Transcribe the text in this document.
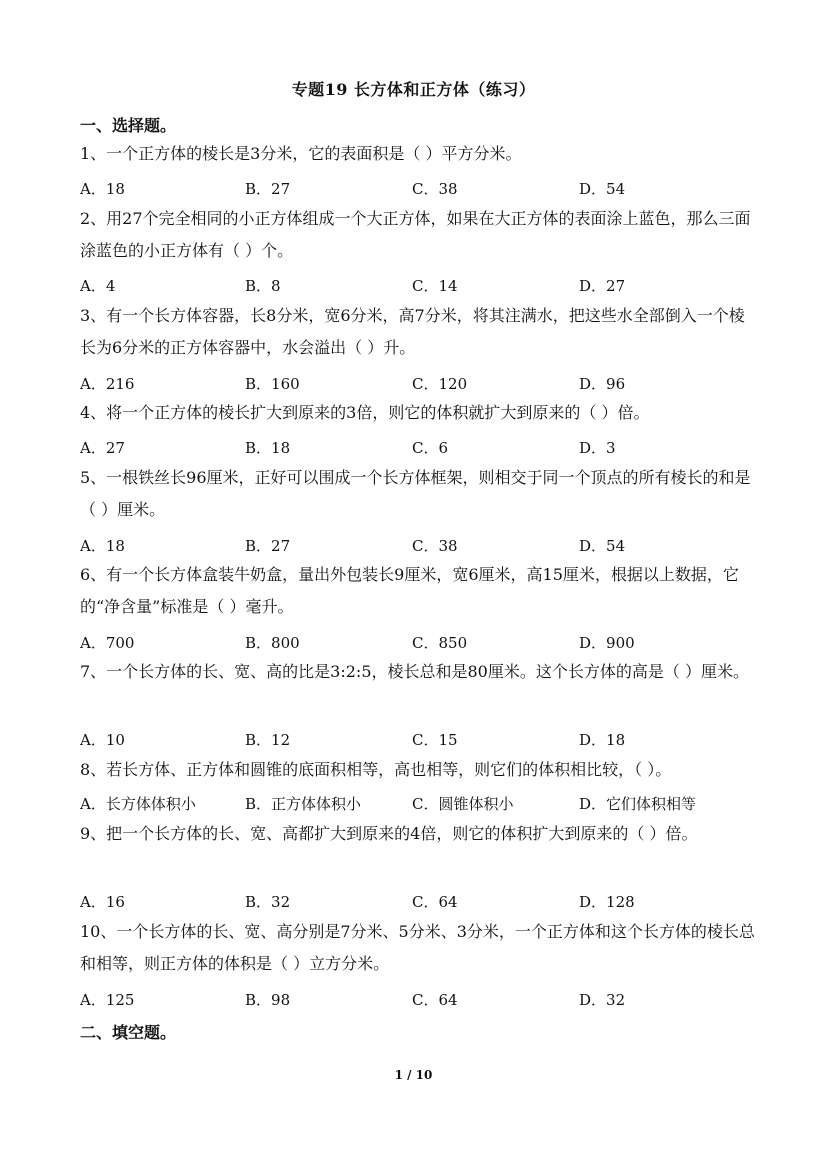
专题19 长方体和正方体（练习）
一、选择题。
1、一个正方体的棱长是3分米，它的表面积是（ ）平方分米。
A．18	B．27	C．38	D．54
2、用27个完全相同的小正方体组成一个大正方体，如果在大正方体的表面涂上蓝色，那么三面涂蓝色的小正方体有（ ）个。
A．4	B．8	C．14	D．27
3、有一个长方体容器，长8分米，宽6分米，高7分米，将其注满水，把这些水全部倒入一个棱长为6分米的正方体容器中，水会溢出（ ）升。
A．216	B．160	C．120	D．96
4、将一个正方体的棱长扩大到原来的3倍，则它的体积就扩大到原来的（ ）倍。
A．27	B．18	C．6	D．3
5、一根铁丝长96厘米，正好可以围成一个长方体框架，则相交于同一个顶点的所有棱长的和是（ ）厘米。
A．18	B．27	C．38	D．54
6、有一个长方体盒装牛奶盒，量出外包装长9厘米，宽6厘米，高15厘米，根据以上数据，它的“净含量”标准是（ ）毫升。
A．700	B．800	C．850	D．900
7、一个长方体的长、宽、高的比是3:2:5，棱长总和是80厘米。这个长方体的高是（ ）厘米。
A．10	B．12	C．15	D．18
8、若长方体、正方体和圆锥的底面积相等，高也相等，则它们的体积相比较，（ ）。
A．长方体体积小	B．正方体体积小	C．圆锥体积小	D．它们体积相等
9、把一个长方体的长、宽、高都扩大到原来的4倍，则它的体积扩大到原来的（ ）倍。
A．16	B．32	C．64	D．128
10、一个长方体的长、宽、高分别是7分米、5分米、3分米，一个正方体和这个长方体的棱长总和相等，则正方体的体积是（ ）立方分米。
A．125	B．98	C．64	D．32
二、填空题。
1 / 10
